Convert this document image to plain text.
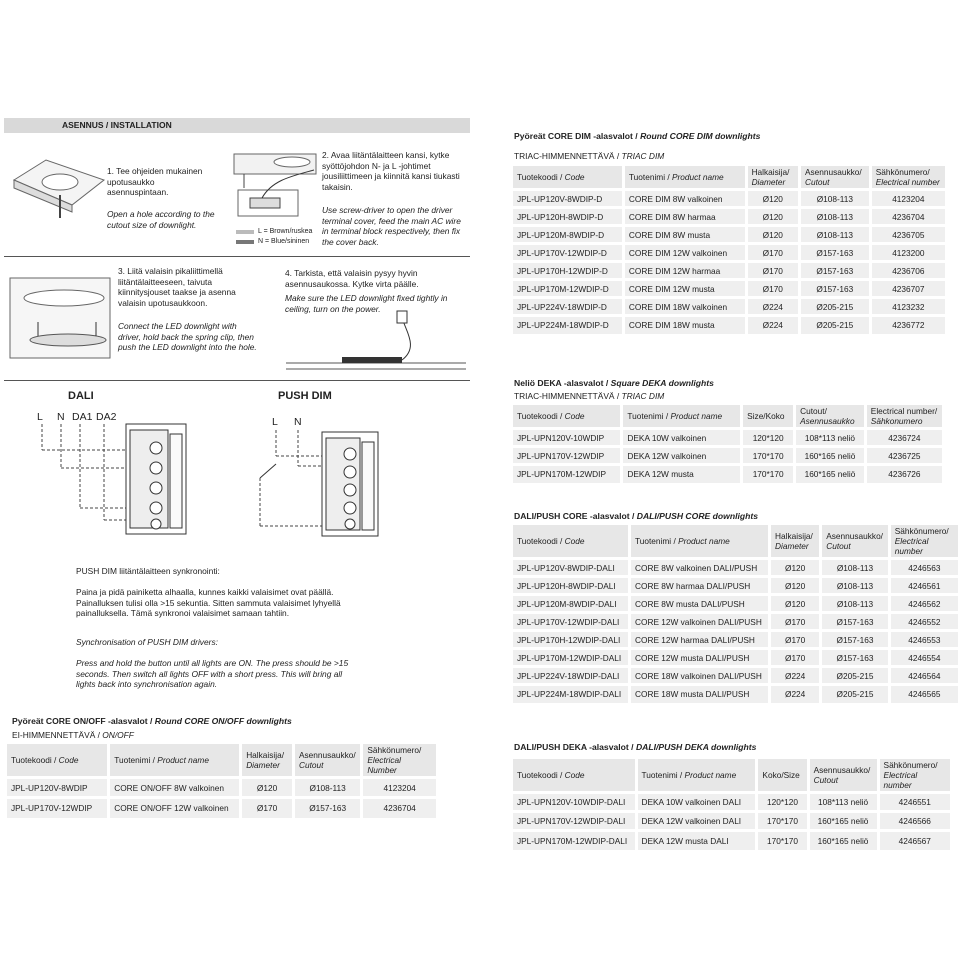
ASENNUS / INSTALLATION
1. Tee ohjeiden mukainen upotusaukko asennuspintaan.
Open a hole according to the cutout size of downlight.
L = Brown/ruskea
N = Blue/sininen
2. Avaa liitäntälaitteen kansi, kytke syöttöjohdon N- ja L -johtimet jousiliittimeen ja kiinnitä kansi tiukasti takaisin.
Use screw-driver to open the driver terminal cover, feed the main AC wire in terminal block respectively, then fix the cover back.
3. Liitä valaisin pikaliittimellä liitäntälaitteeseen, taivuta kiinnitysjouset taakse ja asenna valaisin upotusaukkoon.
Connect the LED downlight with driver, hold back the spring clip, then push the LED downlight into the hole.
4. Tarkista, että valaisin pysyy hyvin asennusaukossa. Kytke virta päälle.
Make sure the LED downlight fixed tightly in ceiling, turn on the power.
DALI	PUSH DIM
L N DA1 DA2	L N
PUSH DIM liitäntälaitteen synkronointi:
Paina ja pidä painiketta alhaalla, kunnes kaikki valaisimet ovat päällä. Painalluksen tulisi olla >15 sekuntia. Sitten sammuta valaisimet lyhyellä painalluksella. Tämä synkronoi valaisimet samaan tahtiin.
Synchronisation of PUSH DIM drivers:
Press and hold the button until all lights are ON. The press should be >15 seconds. Then switch all lights OFF with a short press. This will bring all lights back into synchronisation again.
Pyöreät CORE ON/OFF -alasvalot / Round CORE ON/OFF downlights
EI-HIMMENNETTÄVÄ / ON/OFF
Tuotekoodi / Code	Tuotenimi / Product name	Halkaisija/
Diameter	Asennusaukko/
Cutout	Sähkönumero/
Electrical Number
JPL-UP120V-8WDIP	CORE ON/OFF 8W valkoinen	Ø120	Ø108-113	4123204
JPL-UP170V-12WDIP	CORE ON/OFF 12W valkoinen	Ø170	Ø157-163	4236704
Pyöreät CORE DIM -alasvalot / Round CORE DIM downlights
TRIAC-HIMMENNETTÄVÄ / TRIAC DIM
Tuotekoodi / Code	Tuotenimi / Product name	Halkaisija/
Diameter	Asennusaukko/
Cutout	Sähkönumero/
Electrical number
JPL-UP120V-8WDIP-D	CORE DIM 8W valkoinen	Ø120	Ø108-113	4123204
JPL-UP120H-8WDIP-D	CORE DIM 8W harmaa	Ø120	Ø108-113	4236704
JPL-UP120M-8WDIP-D	CORE DIM 8W musta	Ø120	Ø108-113	4236705
JPL-UP170V-12WDIP-D	CORE DIM 12W valkoinen	Ø170	Ø157-163	4123200
JPL-UP170H-12WDIP-D	CORE DIM 12W harmaa	Ø170	Ø157-163	4236706
JPL-UP170M-12WDIP-D	CORE DIM 12W musta	Ø170	Ø157-163	4236707
JPL-UP224V-18WDIP-D	CORE DIM 18W valkoinen	Ø224	Ø205-215	4123232
JPL-UP224M-18WDIP-D	CORE DIM 18W musta	Ø224	Ø205-215	4236772
Neliö DEKA -alasvalot / Square DEKA downlights
TRIAC-HIMMENNETTÄVÄ / TRIAC DIM
Tuotekoodi / Code	Tuotenimi / Product name	Size/Koko	Cutout/
Asennusaukko	Electrical number/
Sähkonumero
JPL-UPN120V-10WDIP	DEKA 10W valkoinen	120*120	108*113 neliö	4236724
JPL-UPN170V-12WDIP	DEKA 12W valkoinen	170*170	160*165 neliö	4236725
JPL-UPN170M-12WDIP	DEKA 12W musta	170*170	160*165 neliö	4236726
DALI/PUSH CORE -alasvalot / DALI/PUSH CORE downlights
Tuotekoodi / Code	Tuotenimi / Product name	Halkaisija/
Diameter	Asennusaukko/
Cutout	Sähkönumero/
Electrical number
JPL-UP120V-8WDIP-DALI	CORE 8W valkoinen DALI/PUSH	Ø120	Ø108-113	4246563
JPL-UP120H-8WDIP-DALI	CORE 8W harmaa DALI/PUSH	Ø120	Ø108-113	4246561
JPL-UP120M-8WDIP-DALI	CORE 8W musta DALI/PUSH	Ø120	Ø108-113	4246562
JPL-UP170V-12WDIP-DALI	CORE 12W valkoinen DALI/PUSH	Ø170	Ø157-163	4246552
JPL-UP170H-12WDIP-DALI	CORE 12W harmaa DALI/PUSH	Ø170	Ø157-163	4246553
JPL-UP170M-12WDIP-DALI	CORE 12W musta DALI/PUSH	Ø170	Ø157-163	4246554
JPL-UP224V-18WDIP-DALI	CORE 18W valkoinen DALI/PUSH	Ø224	Ø205-215	4246564
JPL-UP224M-18WDIP-DALI	CORE 18W musta DALI/PUSH	Ø224	Ø205-215	4246565
DALI/PUSH DEKA -alasvalot / DALI/PUSH DEKA downlights
Tuotekoodi / Code	Tuotenimi / Product name	Koko/Size	Asennusaukko/
Cutout	Sähkönumero/
Electrical number
JPL-UPN120V-10WDIP-DALI	DEKA 10W valkoinen DALI	120*120	108*113 neliö	4246551
JPL-UPN170V-12WDIP-DALI	DEKA 12W valkoinen DALI	170*170	160*165 neliö	4246566
JPL-UPN170M-12WDIP-DALI	DEKA 12W musta DALI	170*170	160*165 neliö	4246567
